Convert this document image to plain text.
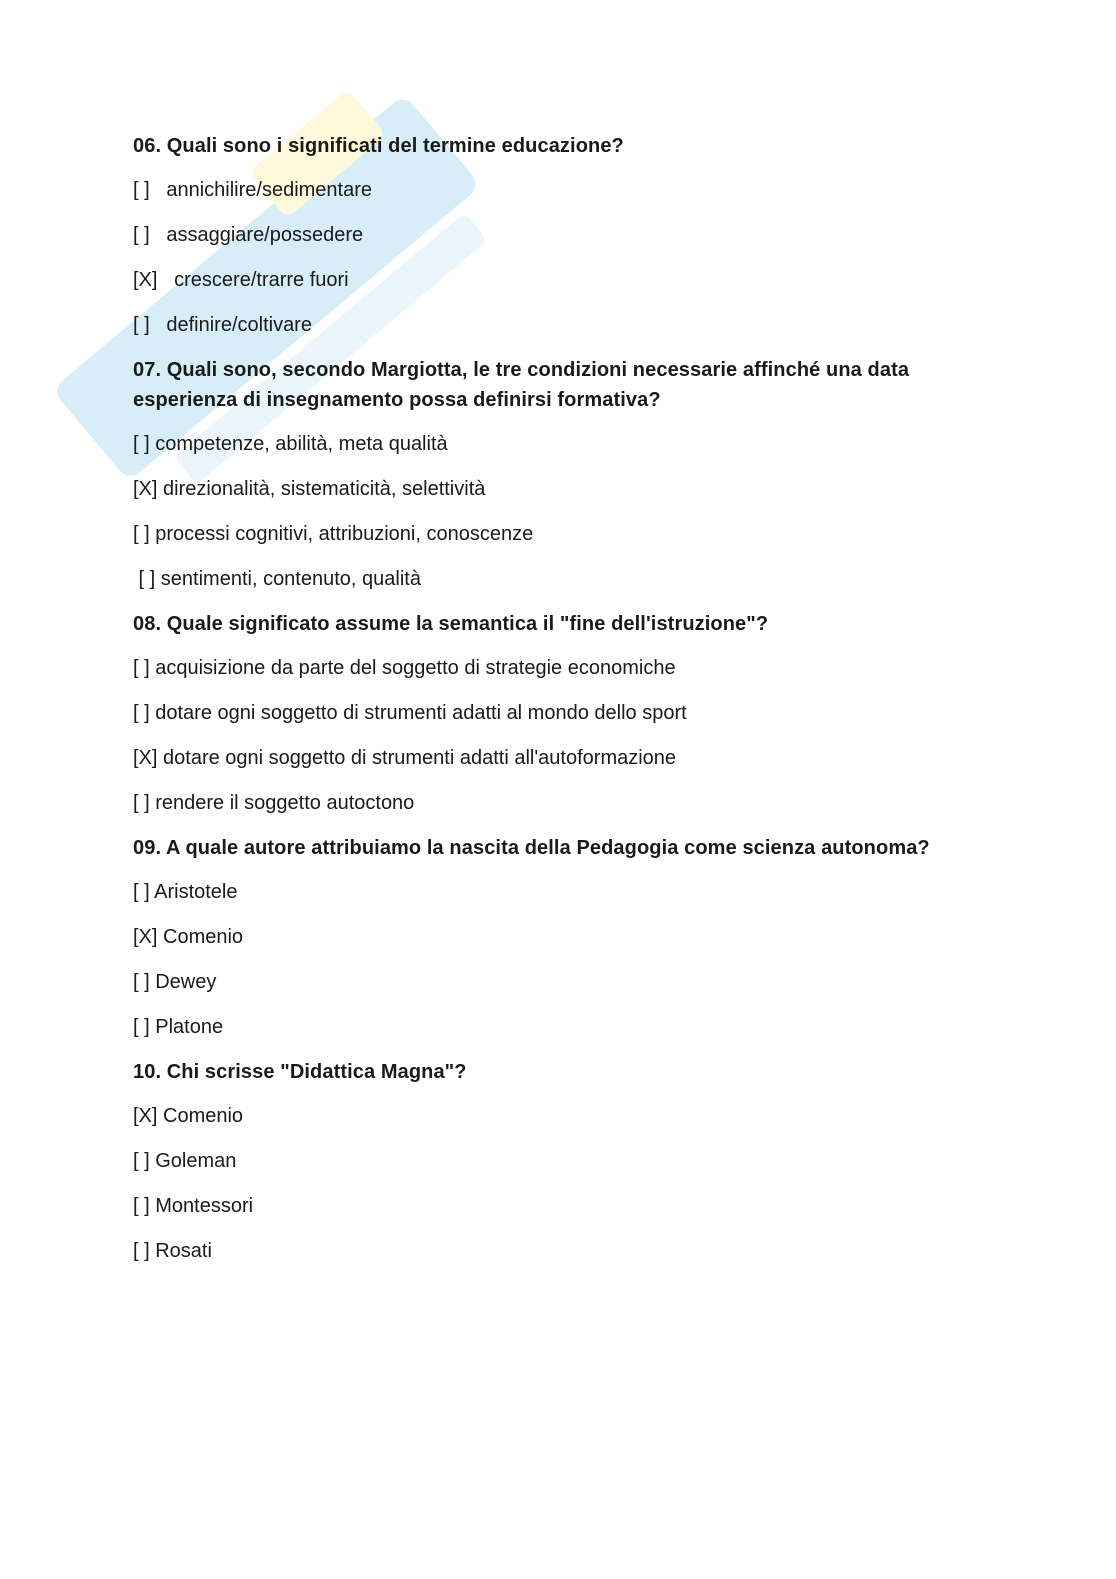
06. Quali sono i significati del termine educazione?
[ ]   annichilire/sedimentare
[ ]   assaggiare/possedere
[X]   crescere/trarre fuori
[ ]   definire/coltivare
07. Quali sono, secondo Margiotta, le tre condizioni necessarie affinché una data esperienza di insegnamento possa definirsi formativa?
[ ] competenze, abilità, meta qualità
[X] direzionalità, sistematicità, selettività
[ ] processi cognitivi, attribuzioni, conoscenze
[ ] sentimenti, contenuto, qualità
08. Quale significato assume la semantica il "fine dell'istruzione"?
[ ] acquisizione da parte del soggetto di strategie economiche
[ ] dotare ogni soggetto di strumenti adatti al mondo dello sport
[X] dotare ogni soggetto di strumenti adatti all'autoformazione
[ ] rendere il soggetto autoctono
09. A quale autore attribuiamo la nascita della Pedagogia come scienza autonoma?
[ ] Aristotele
[X] Comenio
[ ] Dewey
[ ] Platone
10. Chi scrisse "Didattica Magna"?
[X] Comenio
[ ] Goleman
[ ] Montessori
[ ] Rosati
